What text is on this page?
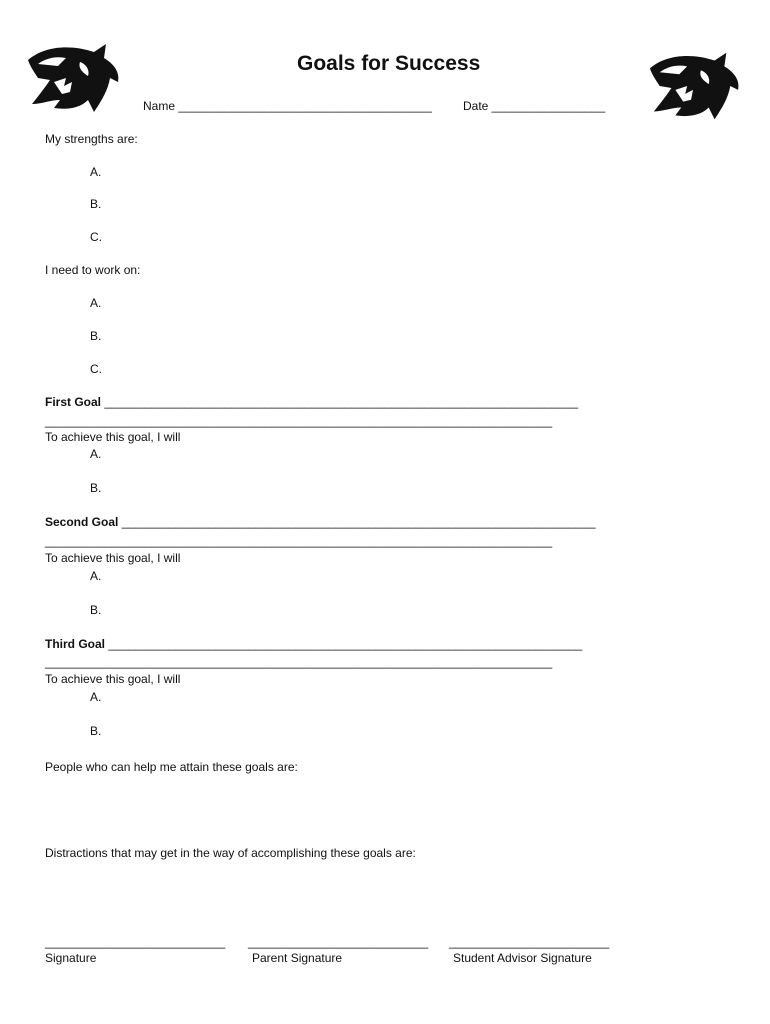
Goals for Success
Name ______________________________________	Date _________________
My strengths are:
A.
B.
C.
I need to work on:
A.
B.
C.
First Goal _______________________________________________________________________
____________________________________________________________________________
To achieve this goal, I will
A.
B.
Second Goal _______________________________________________________________________
____________________________________________________________________________
To achieve this goal, I will
A.
B.
Third Goal _______________________________________________________________________
____________________________________________________________________________
To achieve this goal, I will
A.
B.
People who can help me attain these goals are:
Distractions that may get in the way of accomplishing these goals are:
___________________________
Signature
___________________________
Parent Signature
________________________
Student Advisor Signature
